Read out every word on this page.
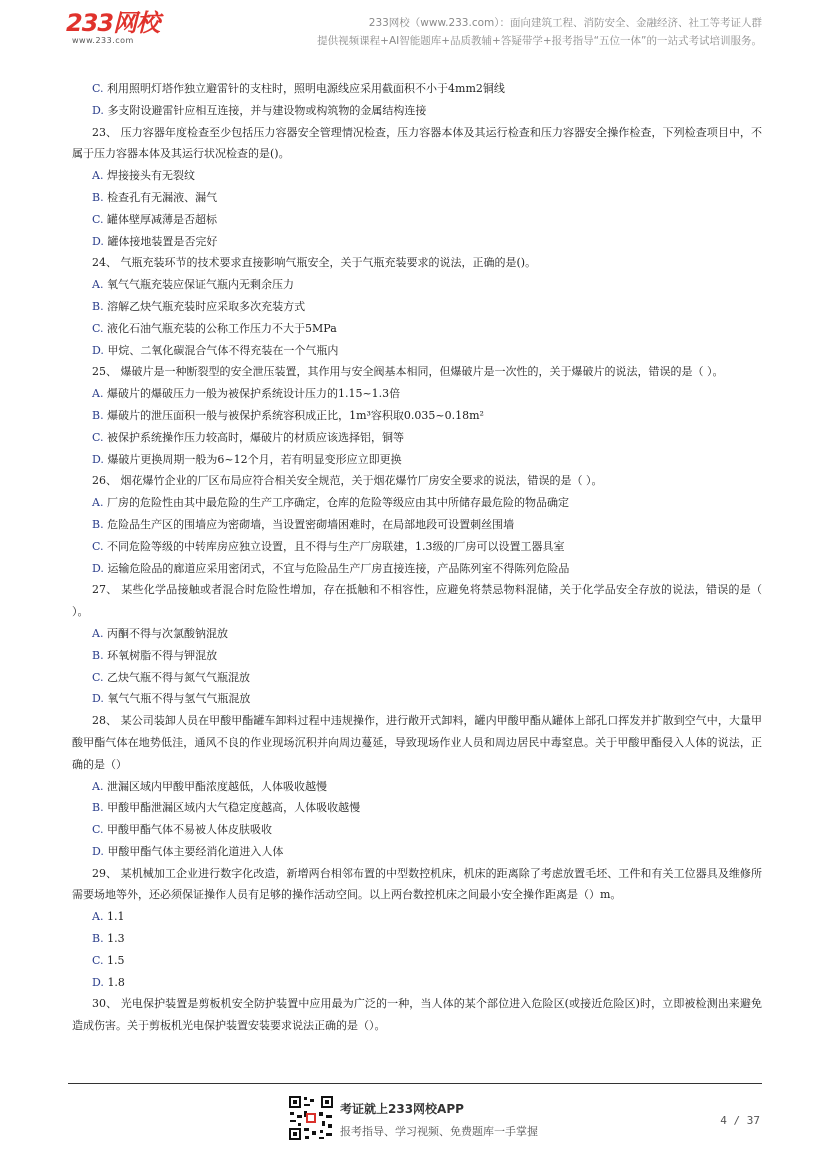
233网校
www.233.com
233网校（www.233.com）：面向建筑工程、消防安全、金融经济、社工等考证人群
提供视频课程+AI智能题库+品质教辅+答疑带学+报考指导“五位一体”的一站式考试培训服务。
C. 利用照明灯塔作独立避雷针的支柱时，照明电源线应采用截面积不小于4mm2铜线
D. 多支附设避雷针应相互连接，并与建设物或构筑物的金属结构连接
23、 压力容器年度检查至少包括压力容器安全管理情况检查，压力容器本体及其运行检查和压力容器安全操作检查，下列检查项目中，不属于压力容器本体及其运行状况检查的是()。
A. 焊接接头有无裂纹
B. 检查孔有无漏液、漏气
C. 罐体壁厚减薄是否超标
D. 罐体接地装置是否完好
24、 气瓶充装环节的技术要求直接影响气瓶安全，关于气瓶充装要求的说法，正确的是()。
A. 氧气气瓶充装应保证气瓶内无剩余压力
B. 溶解乙炔气瓶充装时应采取多次充装方式
C. 液化石油气瓶充装的公称工作压力不大于5MPa
D. 甲烷、二氧化碳混合气体不得充装在一个气瓶内
25、 爆破片是一种断裂型的安全泄压装置，其作用与安全阀基本相同，但爆破片是一次性的，关于爆破片的说法，错误的是（ ）。
A. 爆破片的爆破压力一般为被保护系统设计压力的1.15~1.3倍
B. 爆破片的泄压面积一般与被保护系统容积成正比，1m³容积取0.035~0.18m²
C. 被保护系统操作压力较高时，爆破片的材质应该选择铝，铜等
D. 爆破片更换周期一般为6~12个月，若有明显变形应立即更换
26、 烟花爆竹企业的厂区布局应符合相关安全规范，关于烟花爆竹厂房安全要求的说法，错误的是（ ）。
A. 厂房的危险性由其中最危险的生产工序确定，仓库的危险等级应由其中所储存最危险的物品确定
B. 危险品生产区的围墙应为密砌墙，当设置密砌墙困难时，在局部地段可设置刺丝围墙
C. 不同危险等级的中转库房应独立设置，且不得与生产厂房联建，1.3级的厂房可以设置工器具室
D. 运输危险品的廊道应采用密闭式，不宜与危险品生产厂房直接连接，产品陈列室不得陈列危险品
27、 某些化学品接触或者混合时危险性增加，存在抵触和不相容性，应避免将禁忌物料混储，关于化学品安全存放的说法，错误的是（ ）。
A. 丙酮不得与次氯酸钠混放
B. 环氧树脂不得与钾混放
C. 乙炔气瓶不得与氮气气瓶混放
D. 氧气气瓶不得与氢气气瓶混放
28、 某公司装卸人员在甲酸甲酯罐车卸料过程中违规操作，进行敞开式卸料，罐内甲酸甲酯从罐体上部孔口挥发并扩散到空气中，大量甲酸甲酯气体在地势低洼，通风不良的作业现场沉积并向周边蔓延，导致现场作业人员和周边居民中毒窒息。关于甲酸甲酯侵入人体的说法，正确的是（）
A. 泄漏区域内甲酸甲酯浓度越低，人体吸收越慢
B. 甲酸甲酯泄漏区域内大气稳定度越高，人体吸收越慢
C. 甲酸甲酯气体不易被人体皮肤吸收
D. 甲酸甲酯气体主要经消化道进入人体
29、 某机械加工企业进行数字化改造，新增两台相邻布置的中型数控机床，机床的距离除了考虑放置毛坯、工件和有关工位器具及维修所需要场地等外，还必须保证操作人员有足够的操作活动空间。以上两台数控机床之间最小安全操作距离是（）m。
A. 1.1
B. 1.3
C. 1.5
D. 1.8
30、 光电保护装置是剪板机安全防护装置中应用最为广泛的一种，当人体的某个部位进入危险区(或接近危险区)时，立即被检测出来避免造成伤害。关于剪板机光电保护装置安装要求说法正确的是（）。
考证就上233网校APP
报考指导、学习视频、免费题库一手掌握
4 / 37
